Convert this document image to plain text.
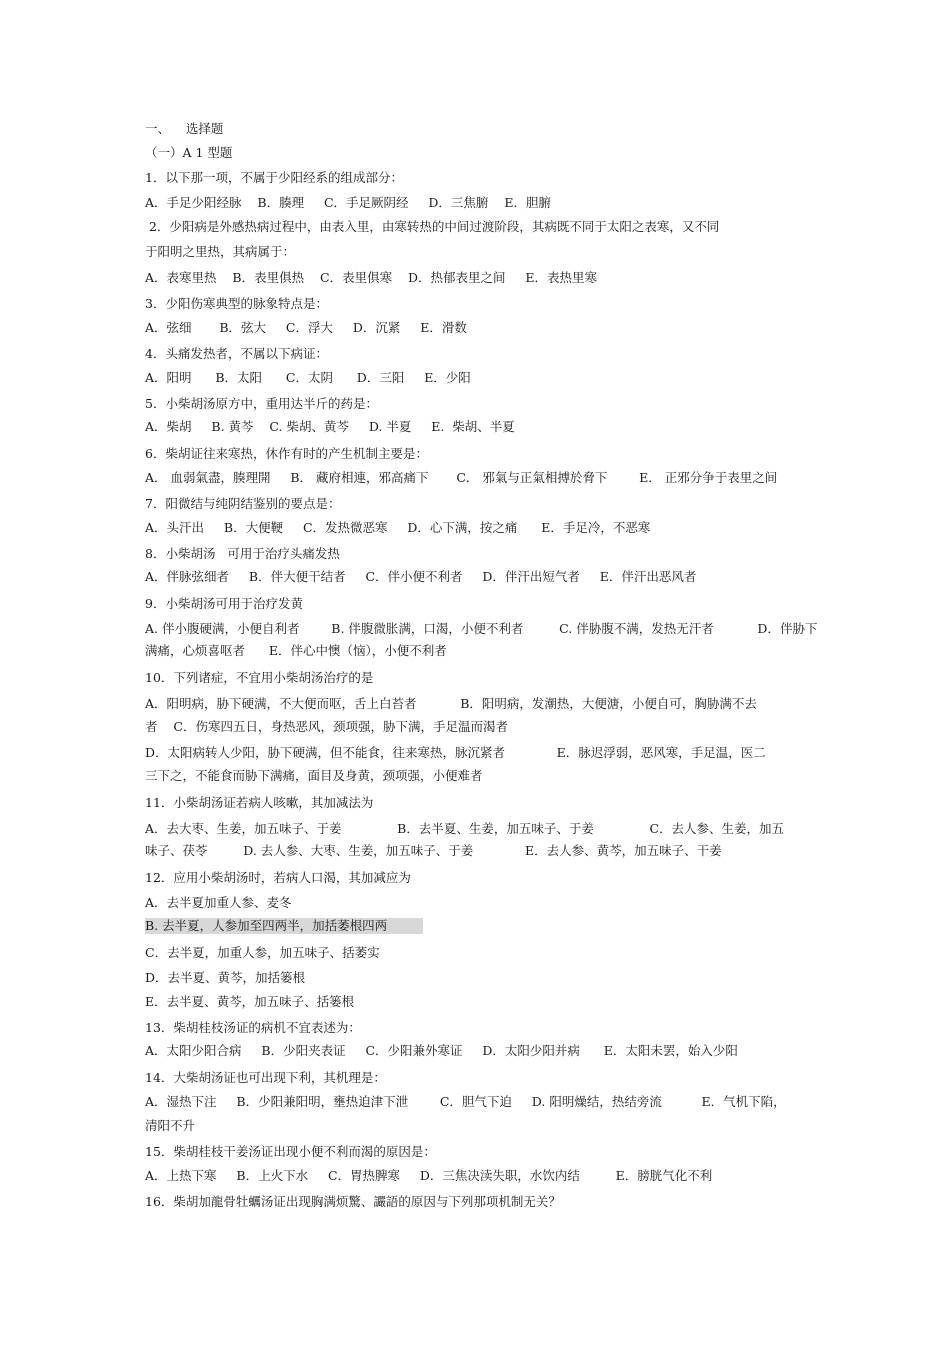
一、    选择题
（一）A 1 型题
1．以下那一项，不属于少阳经系的组成部分：
A．手足少阳经脉    B．腠理     C．手足厥阴经     D．三焦腑    E．胆腑
2．少阳病是外感热病过程中，由表入里，由寒转热的中间过渡阶段，其病既不同于太阳之表寒，又不同
于阳明之里热，其病属于：
A．表寒里热    B．表里俱热    C．表里俱寒    D．热郁表里之间     E．表热里寒
3．少阳伤寒典型的脉象特点是：
A．弦细       B．弦大     C．浮大     D．沉紧     E．滑数
4．头痛发热者，不属以下病证：
A．阳明      B．太阳      C．太阴      D．三阳     E．少阳
5．小柴胡汤原方中，重用达半斤的药是：
A．柴胡     B. 黄芩    C. 柴胡、黄芩     D. 半夏     E.  柴胡、半夏
6．柴胡证往来寒热，休作有时的产生机制主要是：
A． 血弱氣盡，腠理開     B． 藏府相連，邪高痛下       C． 邪氣与正氣相搏於脅下        E． 正邪分争于表里之间
7．阳微结与纯阴结鉴别的要点是：
A．头汗出     B．大便鞕     C．发热微恶寒     D．心下满，按之痛      E．手足冷，不恶寒
8．小柴胡汤   可用于治疗头痛发热
A．伴脉弦细者     B．伴大便干结者     C．伴小便不利者     D．伴汗出短气者     E．伴汗出恶风者
9．小柴胡汤可用于治疗发黄
A. 伴小腹硬满，小便自利者        B. 伴腹微胀满，口渴，小便不利者         C. 伴胁腹不满，发热无汗者           D．伴胁下
满痛，心烦喜呕者      E．伴心中懊（恼），小便不利者
10．下列诸症，不宜用小柴胡汤治疗的是
A．阳明病，胁下硬满，不大便而呕，舌上白苔者           B．阳明病，发潮热，大便溏，小便自可，胸胁满不去
者    C．伤寒四五日，身热恶风，颈项强，胁下满，手足温而渴者
D．太阳病转人少阳，胁下硬满，但不能食，往来寒热，脉沉紧者             E．脉迟浮弱，恶风寒，手足温，医二
三下之，不能食而胁下满痛，面目及身黄，颈项强，小便难者
11．小柴胡汤证若病人咳嗽，其加减法为
A．去大枣、生姜，加五味子、于姜              B．去半夏、生姜，加五味子、于姜              C．去人参、生姜，加五
味子、茯苓         D. 去人参、大枣、生姜，加五味子、于姜             E．去人参、黄芩，加五味子、干姜
12．应用小柴胡汤时，若病人口渴，其加减应为
A．去半夏加重人参、麦冬
B. 去半夏，人参加至四两半，加括萎根四两
C．去半夏，加重人参，加五味子、括萎实
D．去半夏、黄芩，加括篓根
E．去半夏、黄芩，加五味子、括篓根
13．柴胡桂枝汤证的病机不宜表述为：
A．太阳少阳合病     B．少阳夹表证     C．少阳兼外寒证     D．太阳少阳并病      E．太阳未罢，始入少阳
14．大柴胡汤证也可出现下利，其机理是：
A．湿热下注     B．少阳兼阳明，壅热迫津下泄        C．胆气下迫     D. 阳明燥结，热结旁流          E．气机下陷，
清阳不升
15．柴胡桂枝干姜汤证出现小便不利而渴的原因是：
A．上热下寒     B．上火下水     C．胃热脾寒     D．三焦决渎失职，水饮内结         E．膀胱气化不利
16．柴胡加龍骨牡蠣汤证出现胸满烦驚、讝語的原因与下列那项机制无关？
